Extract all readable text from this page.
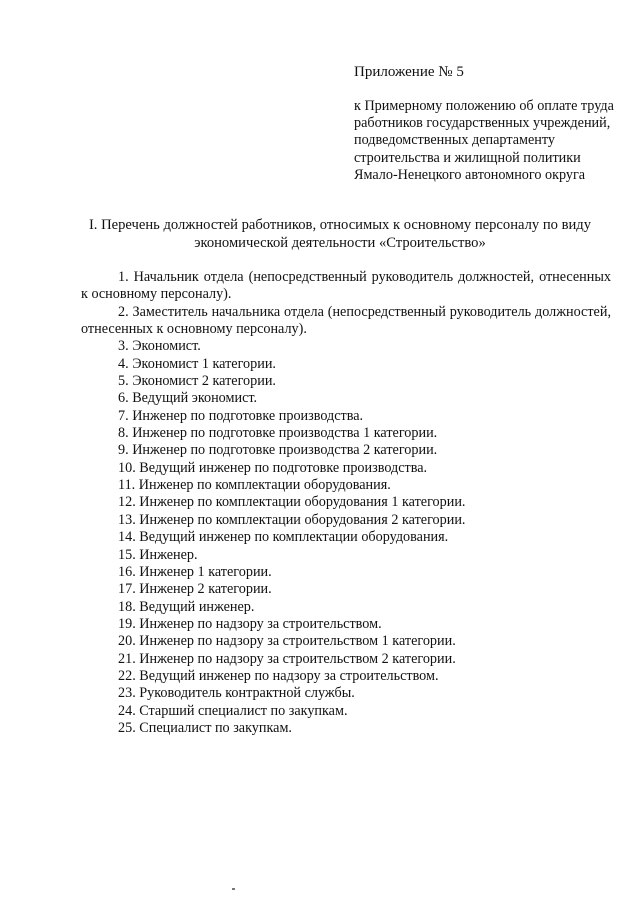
Приложение № 5

к Примерному положению об оплате труда работников государственных учреждений, подведомственных департаменту строительства и жилищной политики Ямало-Ненецкого автономного округа

I. Перечень должностей работников, относимых к основному персоналу по виду экономической деятельности «Строительство»

1. Начальник отдела (непосредственный руководитель должностей, отнесенных к основному персоналу).
2. Заместитель начальника отдела (непосредственный руководитель должностей, отнесенных к основному персоналу).
3. Экономист.
4. Экономист 1 категории.
5. Экономист 2 категории.
6. Ведущий экономист.
7. Инженер по подготовке производства.
8. Инженер по подготовке производства 1 категории.
9. Инженер по подготовке производства 2 категории.
10. Ведущий инженер по подготовке производства.
11. Инженер по комплектации оборудования.
12. Инженер по комплектации оборудования 1 категории.
13. Инженер по комплектации оборудования 2 категории.
14. Ведущий инженер по комплектации оборудования.
15. Инженер.
16. Инженер 1 категории.
17. Инженер 2 категории.
18. Ведущий инженер.
19. Инженер по надзору за строительством.
20. Инженер по надзору за строительством 1 категории.
21. Инженер по надзору за строительством 2 категории.
22. Ведущий инженер по надзору за строительством.
23. Руководитель контрактной службы.
24. Старший специалист по закупкам.
25. Специалист по закупкам.
